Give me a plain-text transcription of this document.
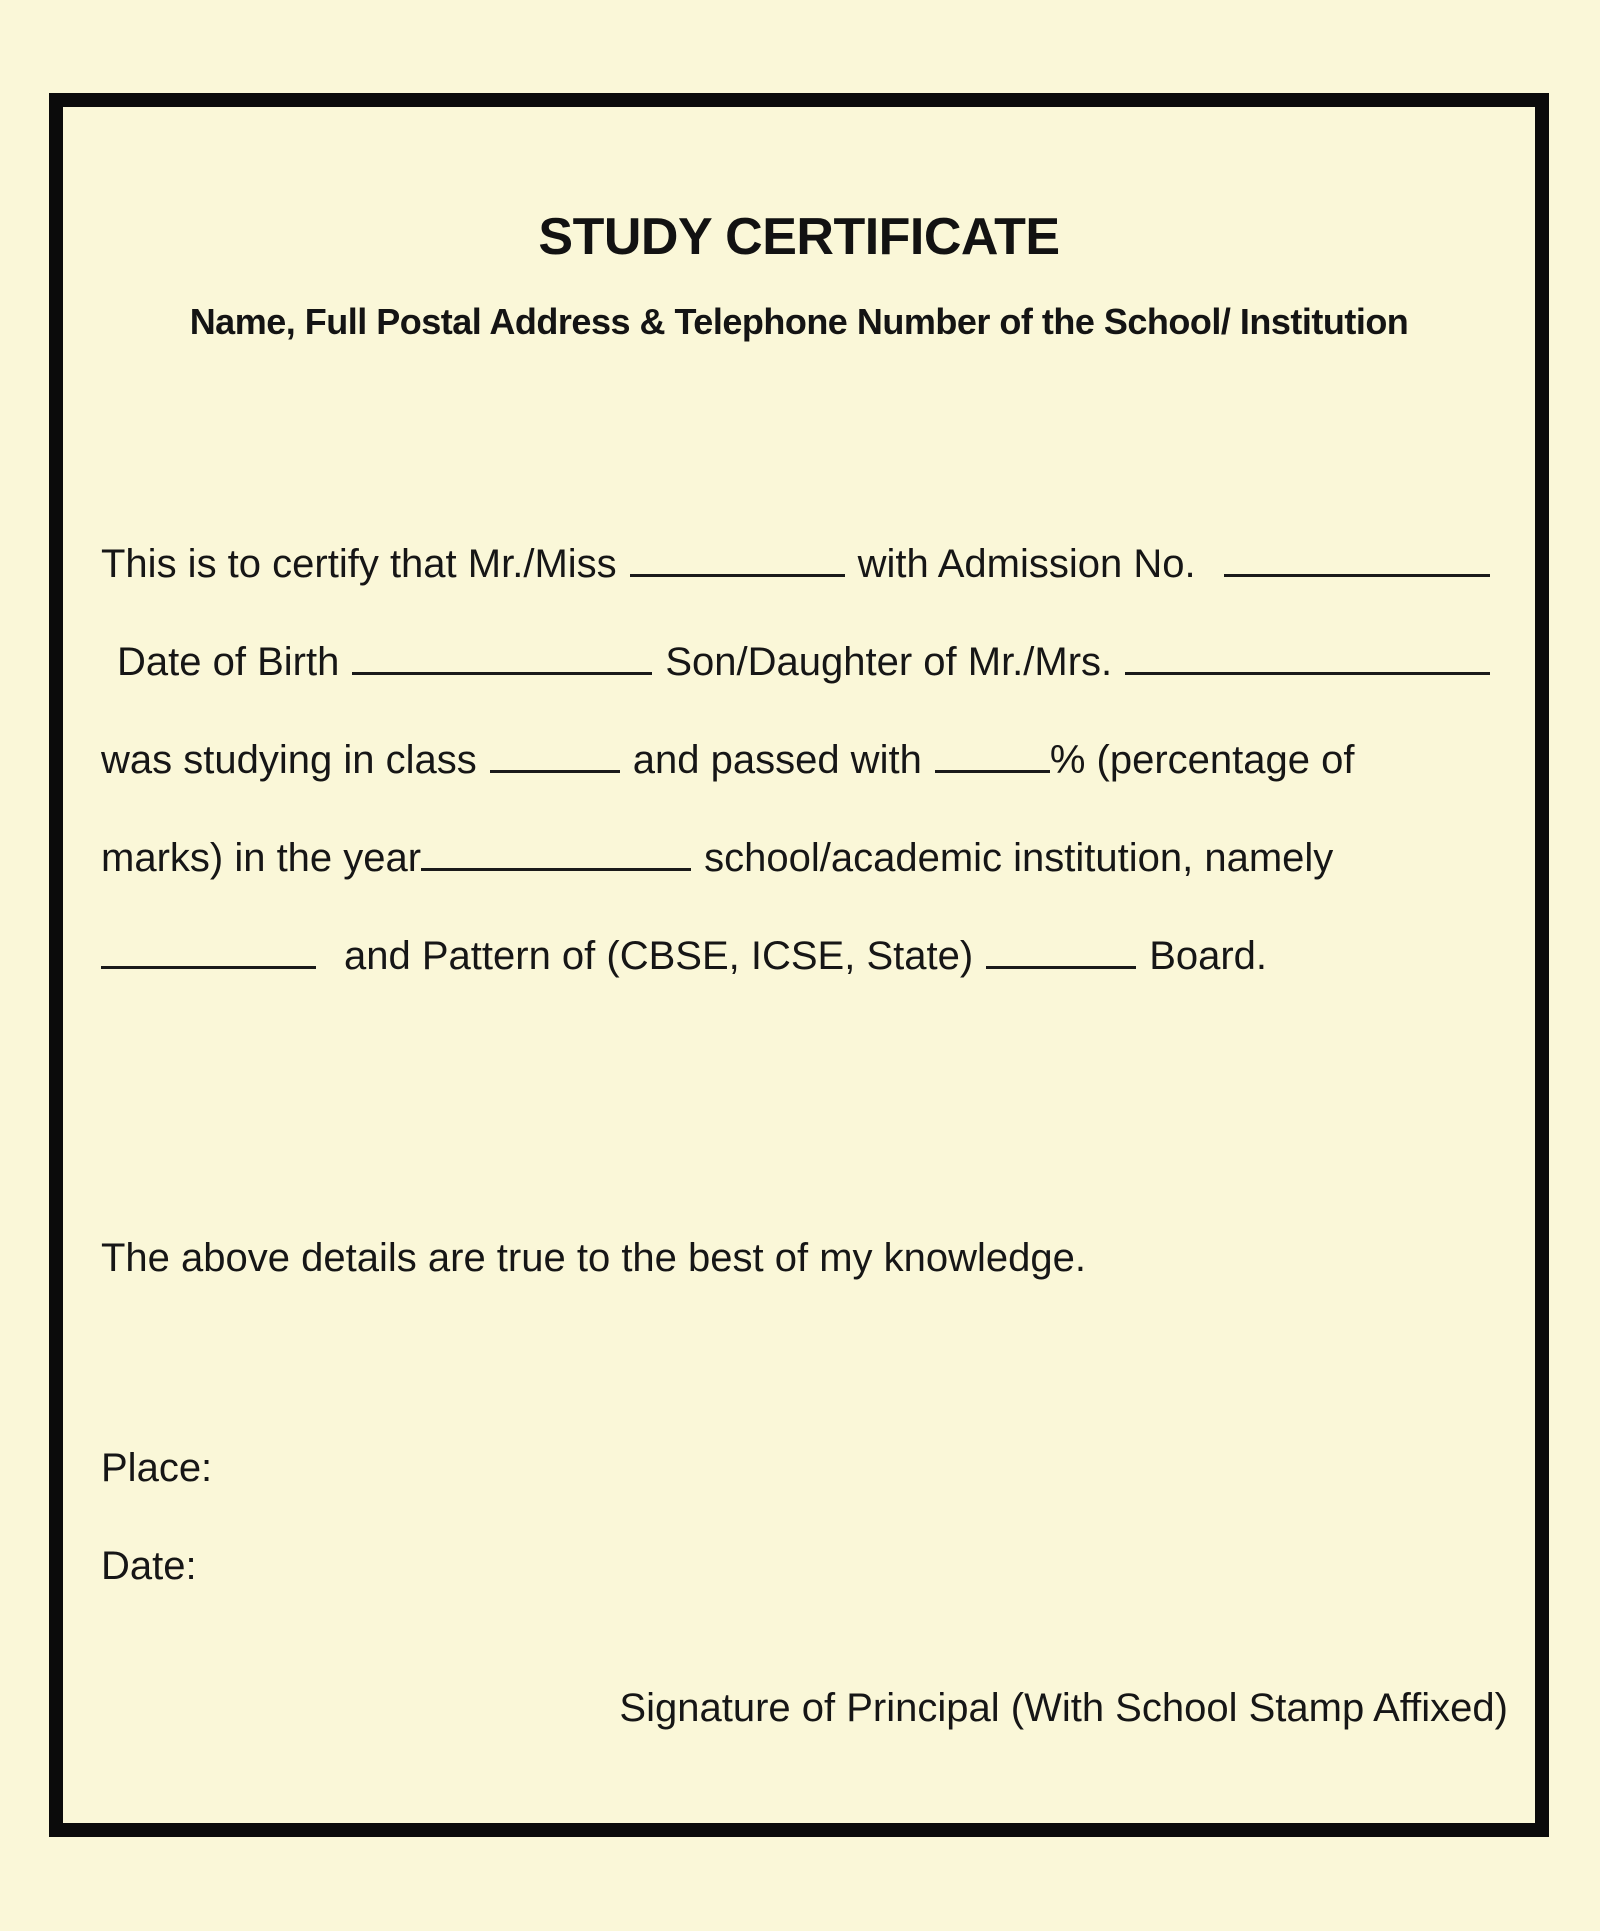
STUDY CERTIFICATE
Name, Full Postal Address & Telephone Number of the School/ Institution
This is to certify that Mr./Miss	with Admission No.
Date of Birth	Son/Daughter of Mr./Mrs.
was studying in class	and passed with	% (percentage of
marks) in the year	school/academic institution, namely
and Pattern of (CBSE, ICSE, State)	Board.
The above details are true to the best of my knowledge.
Place:
Date:
Signature of Principal (With School Stamp Affixed)
